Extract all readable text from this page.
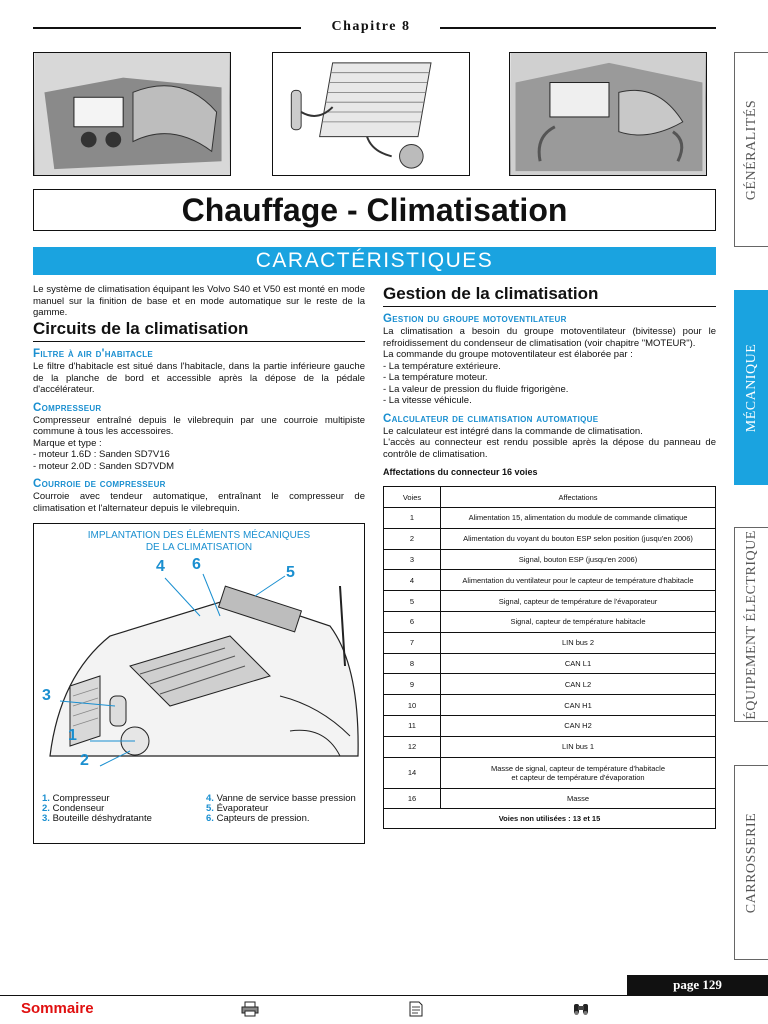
Chapitre 8
Chauffage - Climatisation
CARACTÉRISTIQUES
Le système de climatisation équipant les Volvo S40 et V50 est monté en mode manuel sur la finition de base et en mode automatique sur le reste de la gamme.
Circuits de la climatisation
Filtre à air d'habitacle
Le filtre d'habitacle est situé dans l'habitacle, dans la partie inférieure gauche de la planche de bord et accessible après la dépose de la pédale d'accélérateur.
Compresseur
Compresseur entraîné depuis le vilebrequin par une courroie multipiste commune à tous les accessoires.
Marque et type :
- moteur 1.6D : Sanden SD7V16
- moteur 2.0D : Sanden SD7VDM
Courroie de compresseur
Courroie avec tendeur automatique, entraînant le compresseur de climatisation et l'alternateur depuis le vilebrequin.
IMPLANTATION DES ÉLÉMENTS MÉCANIQUES
DE LA CLIMATISATION
1
2
3
4	5
6
1. Compresseur
2. Condenseur
3. Bouteille déshydratante
4. Vanne de service basse pression
5. Évaporateur
6. Capteurs de pression.
Gestion de la climatisation
Gestion du groupe motoventilateur
La climatisation a besoin du groupe motoventilateur (bivitesse) pour le refroidissement du condenseur de climatisation (voir chapitre "MOTEUR").
La commande du groupe motoventilateur est élaborée par :
- La température extérieure.
- La température moteur.
- La valeur de pression du fluide frigorigène.
- La vitesse véhicule.
Calculateur de climatisation automatique
Le calculateur est intégré dans la commande de climatisation.
L'accès au connecteur est rendu possible après la dépose du panneau de contrôle de climatisation.
Affectations du connecteur 16 voies
Voies	Affectations
1	Alimentation 15, alimentation du module de commande climatique
2	Alimentation du voyant du bouton ESP selon position (jusqu'en 2006)
3	Signal, bouton ESP (jusqu'en 2006)
4	Alimentation du ventilateur pour le capteur de température d'habitacle
5	Signal, capteur de température de l'évaporateur
6	Signal, capteur de température habitacle
7	LIN bus 2
8	CAN L1
9	CAN L2
10	CAN H1
11	CAN H2
12	LIN bus 1
14	Masse de signal, capteur de température d'habitacle
et capteur de température d'évaporation
16	Masse
Voies non utilisées : 13 et 15	
GÉNÉRALITÉS
MÉCANIQUE
ÉQUIPEMENT ÉLECTRIQUE
CARROSSERIE
page 129
Sommaire
